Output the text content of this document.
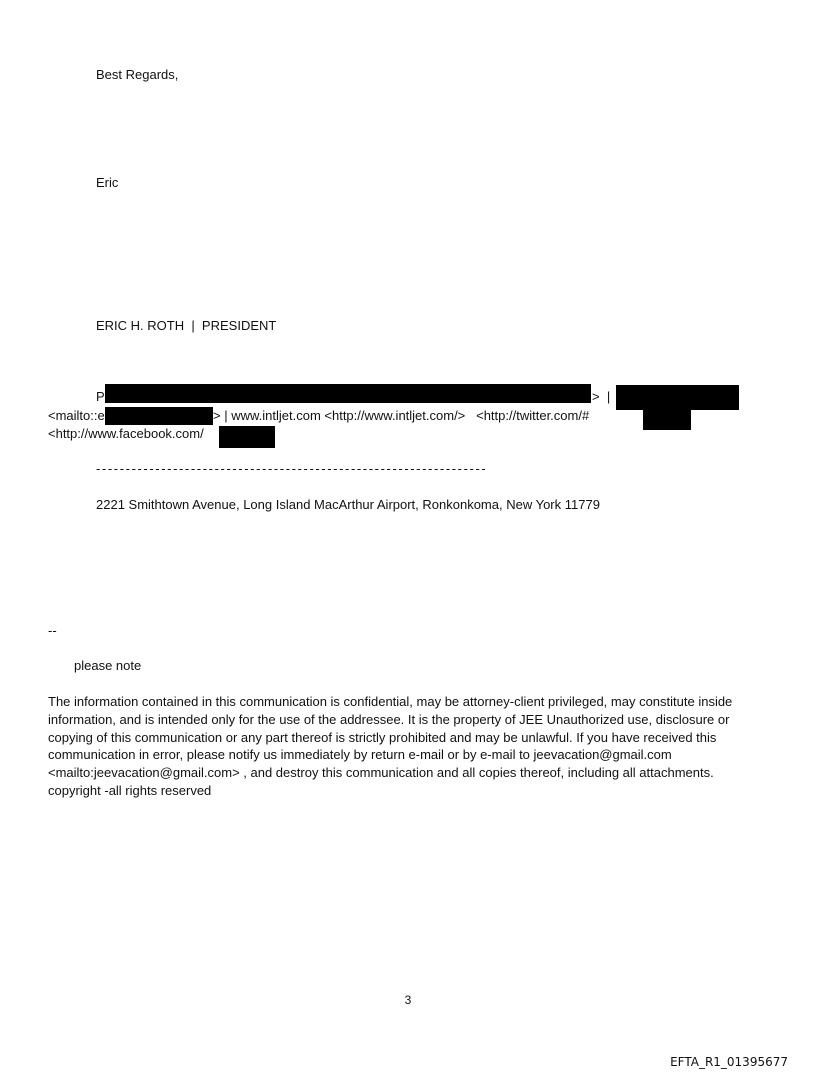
Best Regards,
Eric
ERIC H. ROTH  |  PRESIDENT
P	>  |
<mailto::e	> | www.intljet.com <http://www.intljet.com/>   <http://twitter.com/#
<http://www.facebook.com/
------------------------------------------------------------------
2221 Smithtown Avenue, Long Island MacArthur Airport, Ronkonkoma, New York 11779
--
please note
The information contained in this communication is confidential, may be attorney-client privileged, may constitute inside information, and is intended only for the use of the addressee. It is the property of JEE Unauthorized use, disclosure or copying of this communication or any part thereof is strictly prohibited and may be unlawful. If you have received this communication in error, please notify us immediately by return e-mail or by e-mail to jeevacation@gmail.com <mailto:jeevacation@gmail.com> , and destroy this communication and all copies thereof, including all attachments. copyright -all rights reserved
3
EFTA_R1_01395677
